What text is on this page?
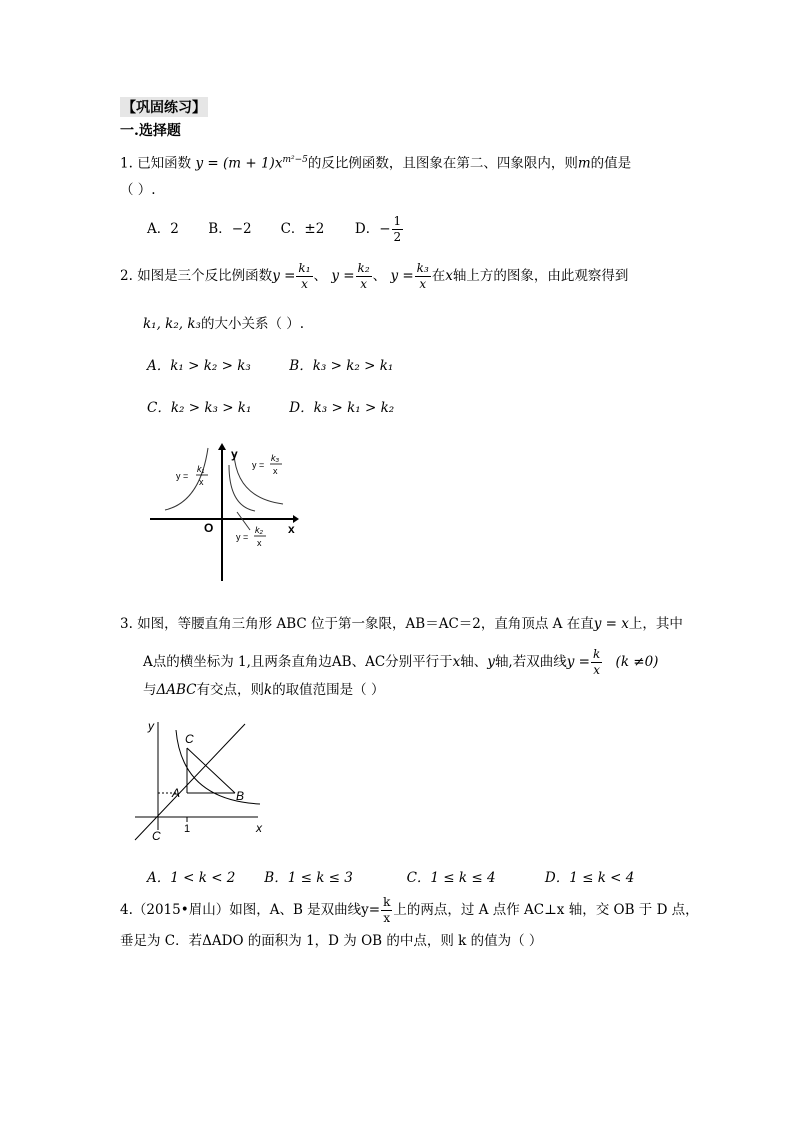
【巩固练习】
一.选择题
1. 已知函数 $y = (m + 1)x^{m^2-5}$的反比例函数，且图象在第二、四象限内，则m的值是
（ ）.
A．2 B．−2 C．±2 D．− $\frac{1}{2}$
2. 如图是三个反比例函数$y = \frac{\text{k₁}}{x}$ 、 $y = \frac{\text{k₂}}{x}$ 、 $y = \frac{\text{k₃}}{x}$ 在x轴上方的图象，由此观察得到
k₁, k₂, k₃的大小关系（ ）.
A．k₁ > k₂ > k₃	B．k₃ > k₂ > k₁
C．k₂ > k₃ > k₁	D．k₃ > k₁ > k₂
y
x
O
y =
k₁
x
y =
k₃
x
y =
k₂
x
3. 如图，等腰直角三角形 ABC 位于第一象限，AB＝AC＝2，直角顶点 A 在直y = x上，其中
A点的横坐标为 1,且两条直角边AB、AC分别平行于x轴、y轴,若双曲线$y = \frac{k}{x} (k \ne 0)$
与ΔABC有交点，则k的取值范围是（ ）
y
x
C
A	B
C 1
A．1 < k < 2 B．1 ≤ k ≤ 3	C．1 ≤ k ≤ 4	D．1 ≤ k < 4
4.（2015•眉山）如图，A、B 是双曲线$y= \frac{k}{x}$ 上的两点，过 A 点作 AC⊥x 轴，交 OB 于 D 点，
垂足为 C．若ΔADO 的面积为 1，D 为 OB 的中点，则 k 的值为（ ）
